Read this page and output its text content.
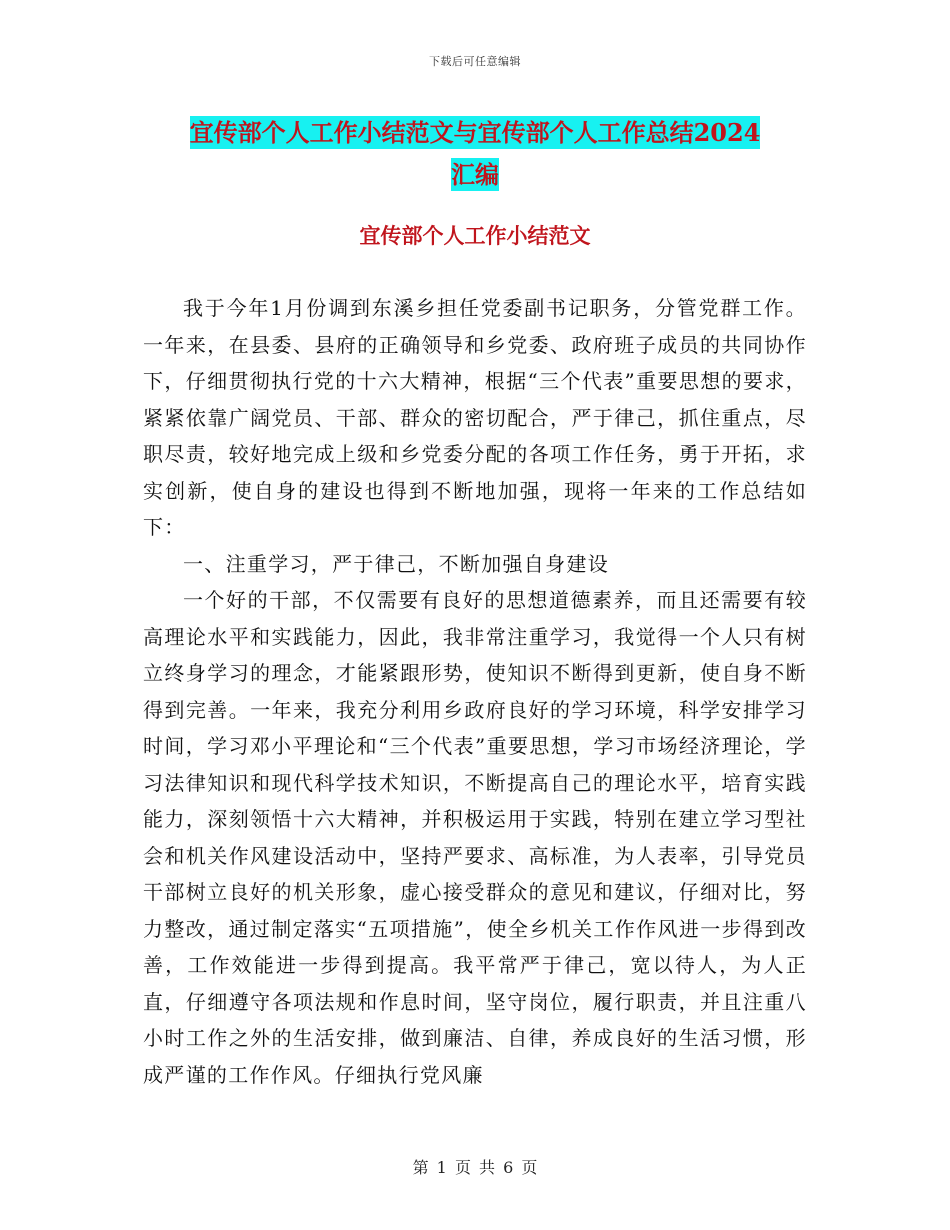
下载后可任意编辑
宜传部个人工作小结范文与宜传部个人工作总结2024
汇编
宜传部个人工作小结范文

我于今年1月份调到东溪乡担任党委副书记职务，分管党群工作。一年来，在县委、县府的正确领导和乡党委、政府班子成员的共同协作下，仔细贯彻执行党的十六大精神，根据“三个代表”重要思想的要求，紧紧依靠广阔党员、干部、群众的密切配合，严于律己，抓住重点，尽职尽责，较好地完成上级和乡党委分配的各项工作任务，勇于开拓，求实创新，使自身的建设也得到不断地加强，现将一年来的工作总结如下：

一、注重学习，严于律己，不断加强自身建设

一个好的干部，不仅需要有良好的思想道德素养，而且还需要有较高理论水平和实践能力，因此，我非常注重学习，我觉得一个人只有树立终身学习的理念，才能紧跟形势，使知识不断得到更新，使自身不断得到完善。一年来，我充分利用乡政府良好的学习环境，科学安排学习时间，学习邓小平理论和“三个代表”重要思想，学习市场经济理论，学习法律知识和现代科学技术知识，不断提高自己的理论水平，培育实践能力，深刻领悟十六大精神，并积极运用于实践，特别在建立学习型社会和机关作风建设活动中，坚持严要求、高标准，为人表率，引导党员干部树立良好的机关形象，虚心接受群众的意见和建议，仔细对比，努力整改，通过制定落实“五项措施”，使全乡机关工作作风进一步得到改善，工作效能进一步得到提高。我平常严于律己，宽以待人，为人正直，仔细遵守各项法规和作息时间，坚守岗位，履行职责，并且注重八小时工作之外的生活安排，做到廉洁、自律，养成良好的生活习惯，形成严谨的工作作风。仔细执行党风廉

第 1 页 共 6 页
